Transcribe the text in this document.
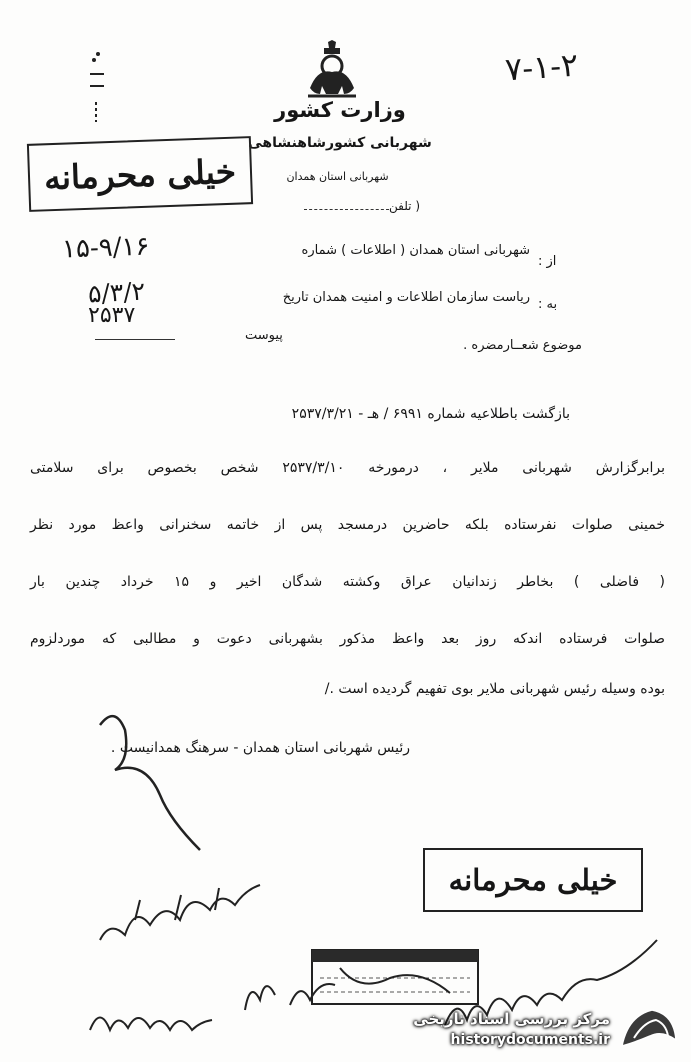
وزارت کشور
شهربانی کشورشاهنشاهی
شهربانی استان همدان
( تلفن
خیلی محرمانه
۷-۱-۲
از :
شهربانی استان همدان ( اطلاعات ) شماره
۱۵-۹/۱۶
به :
ریاست سازمان اطلاعات و امنیت همدان تاریخ
۵/۳/۲
۲۵۳۷
پیوست
موضوع شعــارمضره .
بازگشت باطلاعیه شماره ۶۹۹۱ / هـ - ۲۵۳۷/۳/۲۱
برابرگزارش شهربانی ملایر ، درمورخه ۲۵۳۷/۳/۱۰ شخص بخصوص برای سلامتی
خمینی صلوات نفرستاده بلکه حاضرین درمسجد پس از خاتمه سخنرانی واعظ مورد نظر
( فاضلی ) بخاطر زندانیان عراق وکشته شدگان اخیر و ۱۵ خرداد چندین بار
صلوات فرستاده اندکه روز بعد واعظ مذکور بشهربانی دعوت و مطالبی که موردلزوم
بوده وسیله رئیس شهربانی ملایر بوی تفهیم گردیده است ./
رئیس شهربانی استان همدان - سرهنگ همدانیست .
خیلی محرمانه
مرکز بررسی اسناد تاریخی
historydocuments.ir
